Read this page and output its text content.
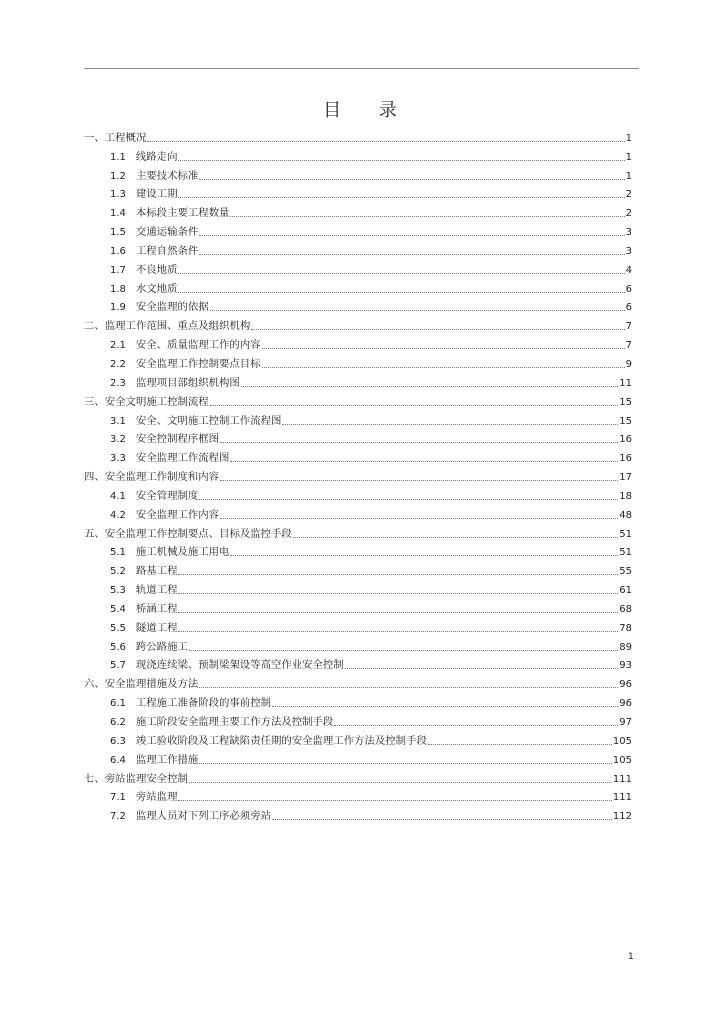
目 录
一、工程概况	1
1.1 线路走向	1
1.2 主要技术标准	1
1.3 建设工期	2
1.4 本标段主要工程数量	2
1.5 交通运输条件	3
1.6 工程自然条件	3
1.7 不良地质	4
1.8 水文地质	6
1.9 安全监理的依据	6
二、监理工作范围、重点及组织机构	7
2.1 安全、质量监理工作的内容	7
2.2 安全监理工作控制要点目标	9
2.3 监理项目部组织机构图	11
三、安全文明施工控制流程	15
3.1 安全、文明施工控制工作流程图	15
3.2 安全控制程序框图	16
3.3 安全监理工作流程图	16
四、安全监理工作制度和内容	17
4.1 安全管理制度	18
4.2 安全监理工作内容	48
五、安全监理工作控制要点、目标及监控手段	51
5.1 施工机械及施工用电	51
5.2 路基工程	55
5.3 轨道工程	61
5.4 桥涵工程	68
5.5 隧道工程	78
5.6 跨公路施工	89
5.7 现浇连续梁、预制梁架设等高空作业安全控制	93
六、安全监理措施及方法	96
6.1 工程施工准备阶段的事前控制	96
6.2 施工阶段安全监理主要工作方法及控制手段	97
6.3 竣工验收阶段及工程缺陷责任期的安全监理工作方法及控制手段	105
6.4 监理工作措施	105
七、旁站监理安全控制	111
7.1 旁站监理	111
7.2 监理人员对下列工序必须旁站	112
1
